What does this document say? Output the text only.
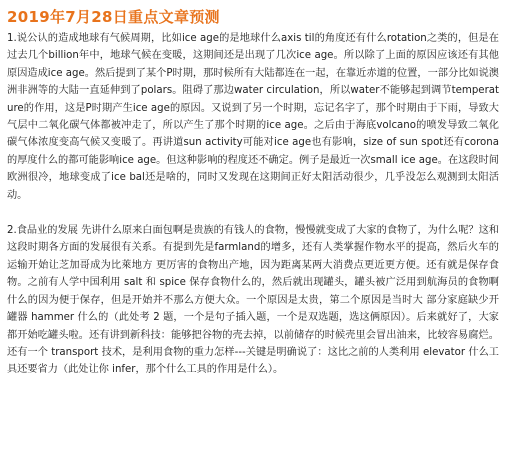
2019年7月28日重点文章预测

1.说公认的造成地球有气候周期，比如ice age的是地球什么axis til的角度还有什么rotation之类的，但是在过去几个billion年中，地球气候在变暖，这期间还是出现了几次ice age。所以除了上面的原因应该还有其他原因造成ice age。然后提到了某个P时期，那时候所有大陆都连在一起，在靠近赤道的位置，一部分比如说澳洲非洲等的大陆一直延伸到了polars。阻碍了那边water circulation，所以water不能够起到调节temperature的作用，这是P时期产生ice age的原因。又说到了另一个时期，忘记名字了，那个时期由于下雨，导致大气层中二氧化碳气体都被冲走了，所以产生了那个时期的ice age。之后由于海底volcano的喷发导致二氧化碳气体浓度变高气候又变暖了。再讲道sun activity可能对ice age也有影响，size of sun spot还有corona的厚度什么的都可能影响ice age。但这种影响的程度还不确定。例子是最近一次small ice age。在这段时间欧洲很冷，地球变成了ice bal还是啥的，同时又发现在这期间正好太阳活动很少，几乎没怎么观测到太阳活动。

2.食品业的发展 先讲什么原来白面包啊是贵族的有钱人的食物，慢慢就变成了大家的食物了，为什么呢？这和这段时期各方面的发展很有关系。有提到先是farmland的增多，还有人类掌握作物水平的提高，然后火车的运输开始让芝加哥成为比萊地方 更厉害的食物出产地，因为距离某两大消费点更近更方便。还有就是保存食物。之前有人学中国利用 salt 和 spice 保存食物什么的，然后就出现罐头，罐头被广泛用到航海员的食物啊什么的因为便于保存，但是开始并不那么方便大众。一个原因是太贵，第二个原因是当时大 部分家庭缺少开罐器 hammer 什么的（此处考 2 题，一个是句子插入题，一个是双选题，选这俩原因）。后来就好了，大家都开始吃罐头啦。还有讲到新科技：能够把谷物的壳去掉，以前储存的时候壳里会冒出油来，比较容易腐烂。还有一个 transport 技术，是利用食物的重力怎样---关键是明确说了：这比之前的人类利用 elevator 什么工具还要省力（此处让你 infer，那个什么工具的作用是什么）。
